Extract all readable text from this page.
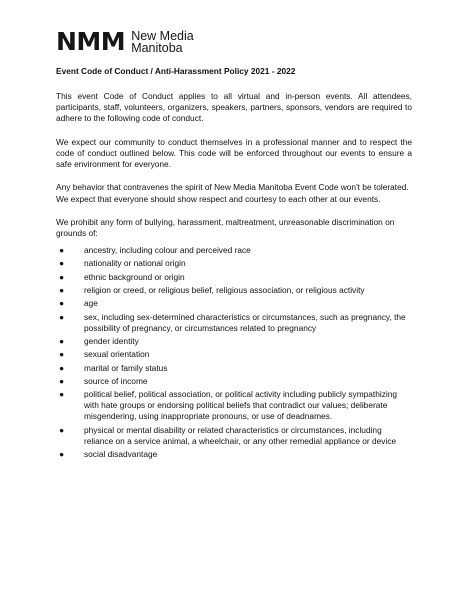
NMM New Media
Manitoba
Event Code of Conduct / Anti-Harassment Policy 2021 - 2022

This event Code of Conduct applies to all virtual and in-person events. All attendees, participants, staff, volunteers, organizers, speakers, partners, sponsors, vendors are required to adhere to the following code of conduct.

We expect our community to conduct themselves in a professional manner and to respect the code of conduct outlined below. This code will be enforced throughout our events to ensure a safe environment for everyone.

Any behavior that contravenes the spirit of New Media Manitoba Event Code won't be tolerated. We expect that everyone should show respect and courtesy to each other at our events.

We prohibit any form of bullying, harassment, maltreatment, unreasonable discrimination on grounds of:

● ancestry, including colour and perceived race
● nationality or national origin
● ethnic background or origin
● religion or creed, or religious belief, religious association, or religious activity
● age
● sex, including sex-determined characteristics or circumstances, such as pregnancy, the possibility of pregnancy, or circumstances related to pregnancy
● gender identity
● sexual orientation
● marital or family status
● source of income
● political belief, political association, or political activity including publicly sympathizing with hate groups or endorsing political beliefs that contradict our values; deliberate misgendering, using inappropriate pronouns, or use of deadnames.
● physical or mental disability or related characteristics or circumstances, including reliance on a service animal, a wheelchair, or any other remedial appliance or device
● social disadvantage
